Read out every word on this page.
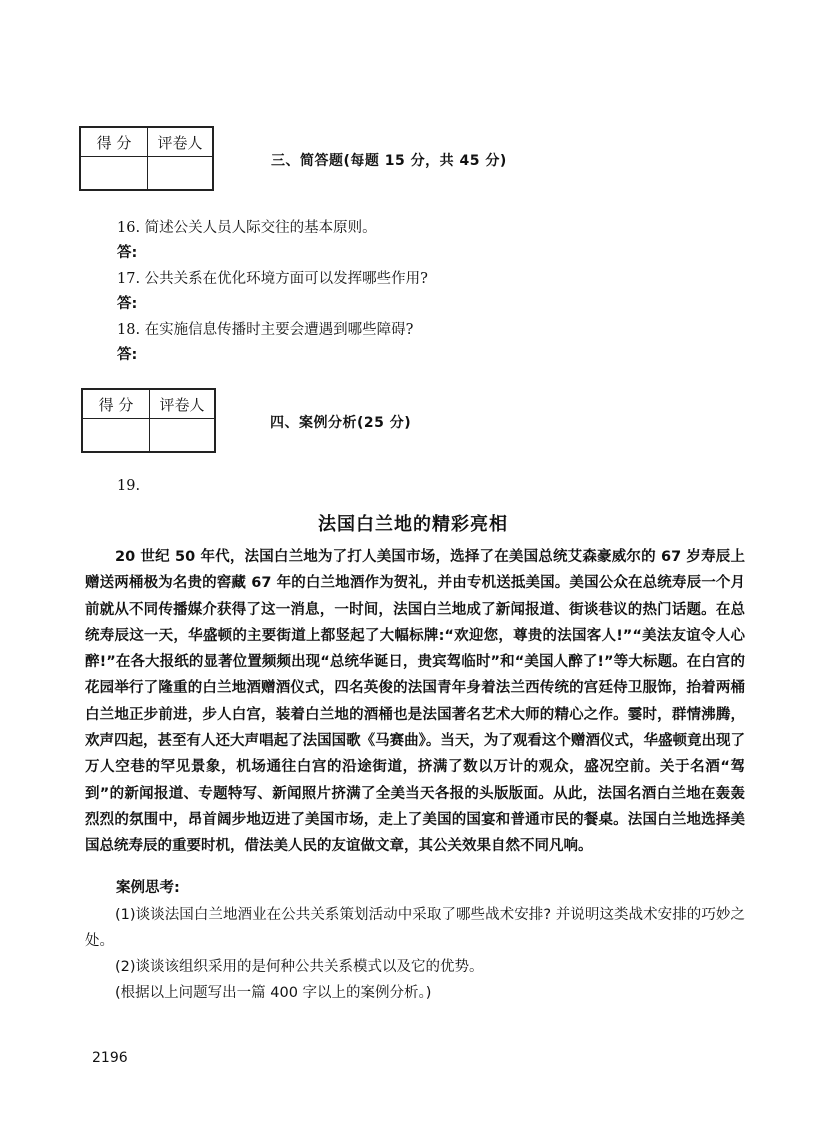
得 分	评卷人

三、简答题(每题 15 分，共 45 分)
16. 简述公关人员人际交往的基本原则。
答:
17. 公共关系在优化环境方面可以发挥哪些作用?
答:
18. 在实施信息传播时主要会遭遇到哪些障碍?
答:
得 分	评卷人

四、案例分析(25 分)
19.
法国白兰地的精彩亮相

20 世纪 50 年代，法国白兰地为了打人美国市场，选择了在美国总统艾森豪威尔的 67 岁寿辰上赠送两桶极为名贵的窖藏 67 年的白兰地酒作为贺礼，并由专机送抵美国。美国公众在总统寿辰一个月前就从不同传播媒介获得了这一消息，一时间，法国白兰地成了新闻报道、街谈巷议的热门话题。在总统寿辰这一天，华盛顿的主要街道上都竖起了大幅标牌:“欢迎您，尊贵的法国客人!”“美法友谊令人心醉!”在各大报纸的显著位置频频出现“总统华诞日，贵宾驾临时”和“美国人醉了!”等大标题。在白宫的花园举行了隆重的白兰地酒赠酒仪式，四名英俊的法国青年身着法兰西传统的宫廷侍卫服饰，抬着两桶白兰地正步前进，步人白宫，装着白兰地的酒桶也是法国著名艺术大师的精心之作。霎时，群情沸腾，欢声四起，甚至有人还大声唱起了法国国歌《马赛曲》。当天，为了观看这个赠酒仪式，华盛顿竟出现了万人空巷的罕见景象，机场通往白宫的沿途街道，挤满了数以万计的观众，盛况空前。关于名酒“驾到”的新闻报道、专题特写、新闻照片挤满了全美当天各报的头版版面。从此，法国名酒白兰地在轰轰烈烈的氛围中，昂首阔步地迈进了美国市场，走上了美国的国宴和普通市民的餐桌。法国白兰地选择美国总统寿辰的重要时机，借法美人民的友谊做文章，其公关效果自然不同凡响。

案例思考:

(1)谈谈法国白兰地酒业在公共关系策划活动中采取了哪些战术安排? 并说明这类战术安排的巧妙之处。

(2)谈谈该组织采用的是何种公共关系模式以及它的优势。

(根据以上问题写出一篇 400 字以上的案例分析。)

2196
